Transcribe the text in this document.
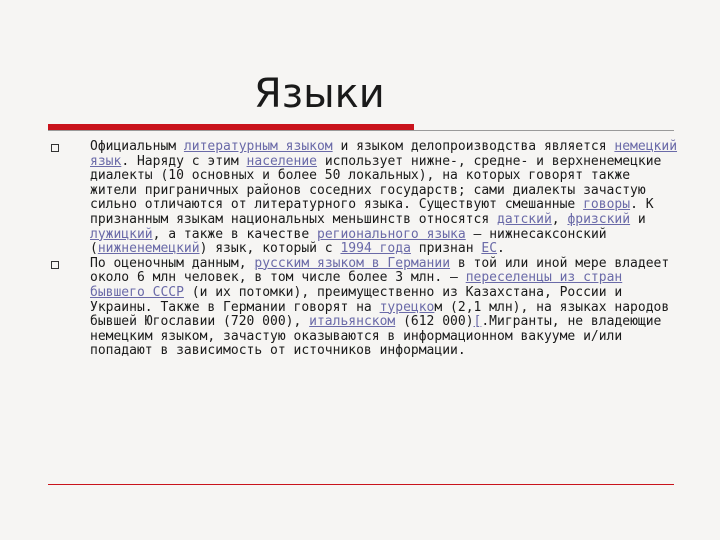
Языки
Официальным литературным языком и языком делопроизводства является немецкий язык. Наряду с этим население использует нижне-, средне- и верхненемецкие диалекты (10 основных и более 50 локальных), на которых говорят также жители приграничных районов соседних государств; сами диалекты зачастую сильно отличаются от литературного языка. Существуют смешанные говоры. К признанным языкам национальных меньшинств относятся датский, фризский и лужицкий, а также в качестве регионального языка — нижнесаксонский (нижненемецкий) язык, который с 1994 года признан ЕС.
По оценочным данным, русским языком в Германии в той или иной мере владеет около 6 млн человек, в том числе более 3 млн. — переселенцы из стран бывшего СССР (и их потомки), преимущественно из Казахстана, России и Украины. Также в Германии говорят на турецком (2,1 млн), на языках народов бывшей Югославии (720 000), итальянском (612 000)[.Мигранты, не владеющие немецким языком, зачастую оказываются в информационном вакууме и/или попадают в зависимость от источников информации.
